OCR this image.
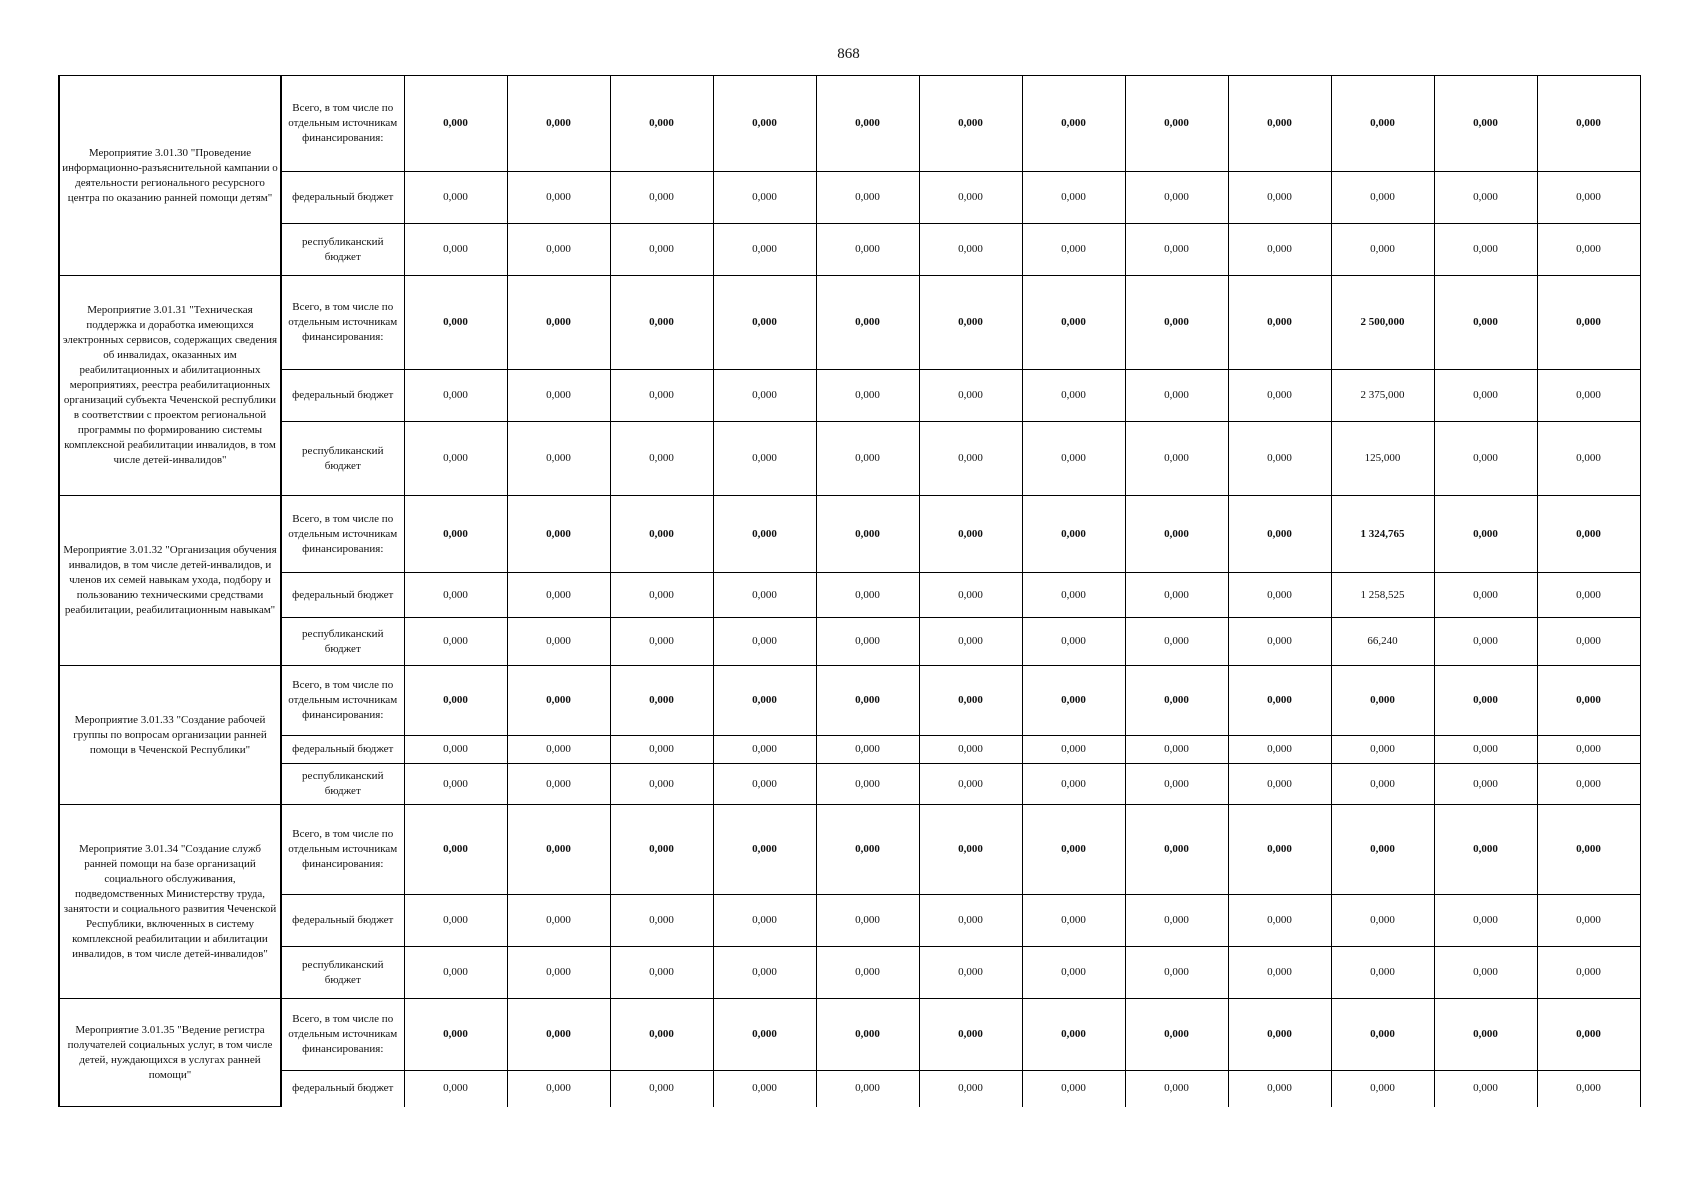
868
Мероприятие 3.01.30 "Проведение информационно-разъяснительной кампании о деятельности регионального ресурсного центра по оказанию ранней помощи детям"	Всего, в том числе по отдельным источникам финансирования:	0,000	0,000	0,000	0,000	0,000	0,000	0,000	0,000	0,000	0,000	0,000	0,000
	федеральный бюджет	0,000	0,000	0,000	0,000	0,000	0,000	0,000	0,000	0,000	0,000	0,000	0,000
	республиканский бюджет	0,000	0,000	0,000	0,000	0,000	0,000	0,000	0,000	0,000	0,000	0,000	0,000
Мероприятие 3.01.31 "Техническая поддержка и доработка имеющихся электронных сервисов, содержащих сведения об инвалидах, оказанных им реабилитационных и абилитационных мероприятиях, реестра реабилитационных организаций субъекта Чеченской республики в соответствии с проектом региональной программы по формированию системы комплексной реабилитации инвалидов, в том числе детей-инвалидов"	Всего, в том числе по отдельным источникам финансирования:	0,000	0,000	0,000	0,000	0,000	0,000	0,000	0,000	0,000	2 500,000	0,000	0,000
	федеральный бюджет	0,000	0,000	0,000	0,000	0,000	0,000	0,000	0,000	0,000	2 375,000	0,000	0,000
	республиканский бюджет	0,000	0,000	0,000	0,000	0,000	0,000	0,000	0,000	0,000	125,000	0,000	0,000
Мероприятие 3.01.32 "Организация обучения инвалидов, в том числе детей-инвалидов, и членов их семей навыкам ухода, подбору и пользованию техническими средствами реабилитации, реабилитационным навыкам"	Всего, в том числе по отдельным источникам финансирования:	0,000	0,000	0,000	0,000	0,000	0,000	0,000	0,000	0,000	1 324,765	0,000	0,000
	федеральный бюджет	0,000	0,000	0,000	0,000	0,000	0,000	0,000	0,000	0,000	1 258,525	0,000	0,000
	республиканский бюджет	0,000	0,000	0,000	0,000	0,000	0,000	0,000	0,000	0,000	66,240	0,000	0,000
Мероприятие 3.01.33 "Создание рабочей группы по вопросам организации ранней помощи в Чеченской Республики"	Всего, в том числе по отдельным источникам финансирования:	0,000	0,000	0,000	0,000	0,000	0,000	0,000	0,000	0,000	0,000	0,000	0,000
	федеральный бюджет	0,000	0,000	0,000	0,000	0,000	0,000	0,000	0,000	0,000	0,000	0,000	0,000
	республиканский бюджет	0,000	0,000	0,000	0,000	0,000	0,000	0,000	0,000	0,000	0,000	0,000	0,000
Мероприятие 3.01.34 "Создание служб ранней помощи на базе организаций социального обслуживания, подведомственных Министерству труда, занятости и социального развития Чеченской Республики, включенных в систему комплексной реабилитации и абилитации инвалидов, в том числе детей-инвалидов"	Всего, в том числе по отдельным источникам финансирования:	0,000	0,000	0,000	0,000	0,000	0,000	0,000	0,000	0,000	0,000	0,000	0,000
	федеральный бюджет	0,000	0,000	0,000	0,000	0,000	0,000	0,000	0,000	0,000	0,000	0,000	0,000
	республиканский бюджет	0,000	0,000	0,000	0,000	0,000	0,000	0,000	0,000	0,000	0,000	0,000	0,000
Мероприятие 3.01.35 "Ведение регистра получателей социальных услуг, в том числе детей, нуждающихся в услугах ранней помощи"	Всего, в том числе по отдельным источникам финансирования:	0,000	0,000	0,000	0,000	0,000	0,000	0,000	0,000	0,000	0,000	0,000	0,000
	федеральный бюджет	0,000	0,000	0,000	0,000	0,000	0,000	0,000	0,000	0,000	0,000	0,000	0,000
